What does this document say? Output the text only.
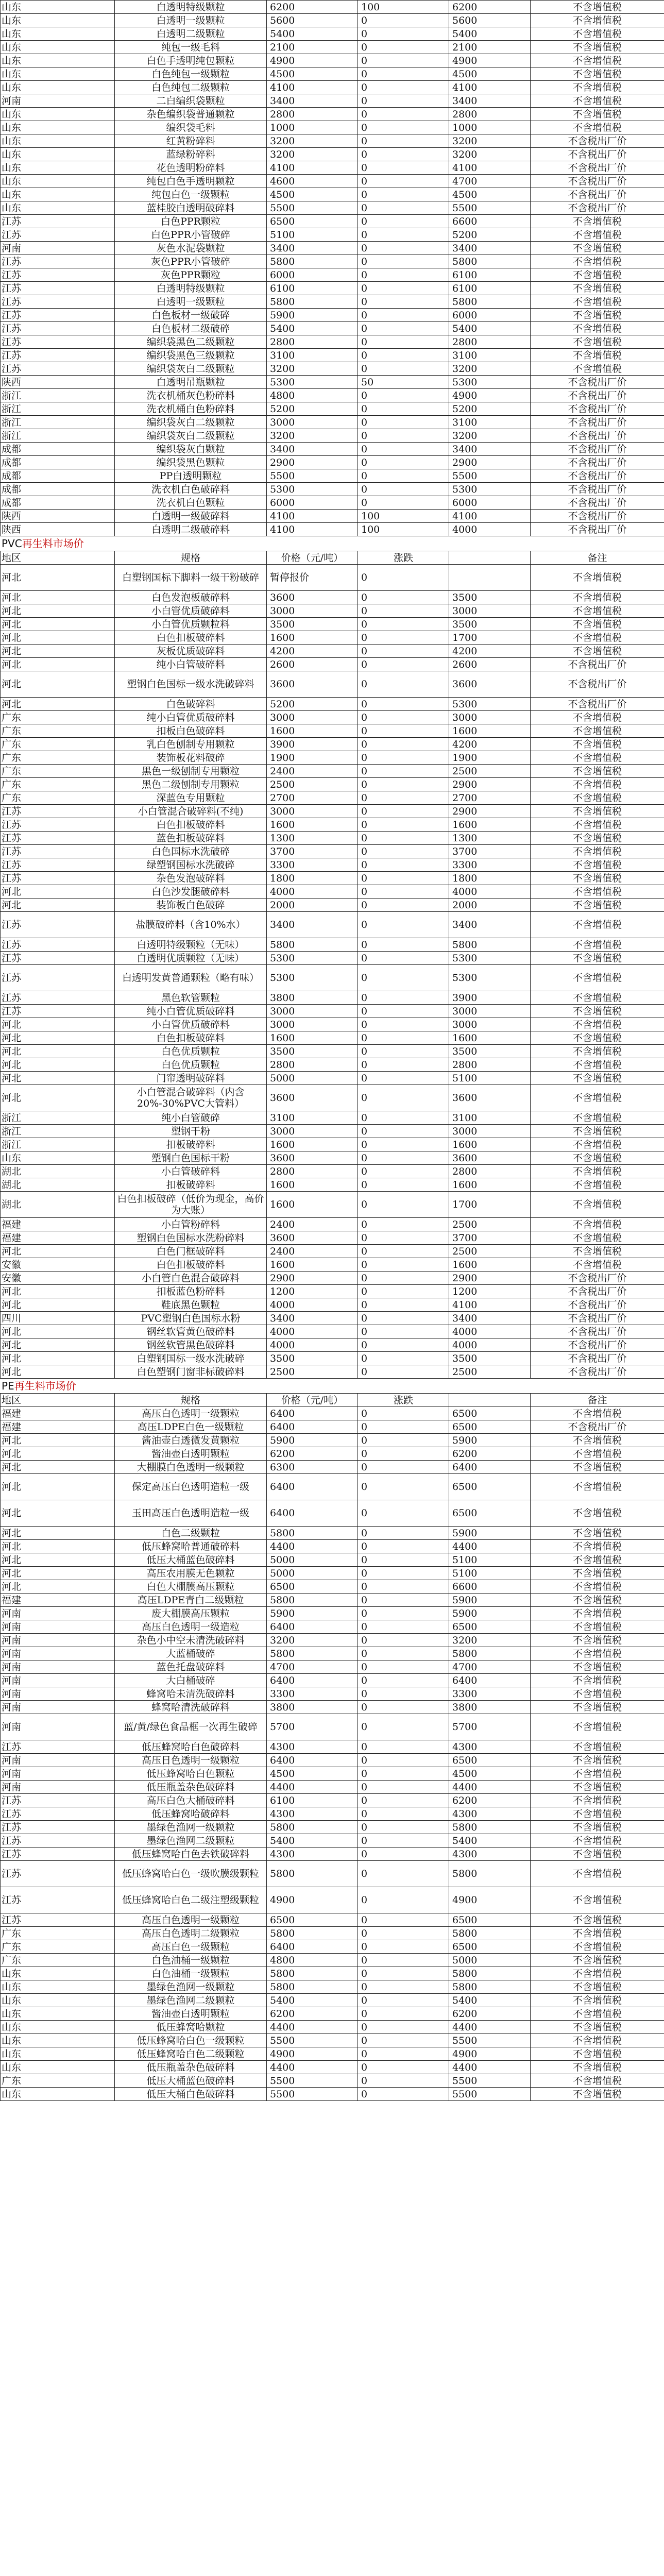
山东	白透明特级颗粒	6200	100	6200	不含增值税
山东	白透明一级颗粒	5600	0	5600	不含增值税
山东	白透明二级颗粒	5400	0	5400	不含增值税
山东	纯包一级毛料	2100	0	2100	不含增值税
山东	白色手透明纯包颗粒	4900	0	4900	不含增值税
山东	白色纯包一级颗粒	4500	0	4500	不含增值税
山东	白色纯包二级颗粒	4100	0	4100	不含增值税
河南	二白编织袋颗粒	3400	0	3400	不含增值税
山东	杂色编织袋普通颗粒	2800	0	2800	不含增值税
山东	编织袋毛料	1000	0	1000	不含增值税
山东	红黄粉碎料	3200	0	3200	不含税出厂价
山东	蓝绿粉碎料	3200	0	3200	不含税出厂价
山东	花色透明粉碎料	4100	0	4100	不含税出厂价
山东	纯包白色手透明颗粒	4600	0	4700	不含税出厂价
山东	纯包白色一级颗粒	4500	0	4500	不含税出厂价
山东	蓝桂胶白透明破碎料	5500	0	5500	不含税出厂价
江苏	白色PPR颗粒	6500	0	6600	不含增值税
江苏	白色PPR小管破碎	5100	0	5200	不含增值税
河南	灰色水泥袋颗粒	3400	0	3400	不含增值税
江苏	灰色PPR小管破碎	5800	0	5800	不含增值税
江苏	灰色PPR颗粒	6000	0	6100	不含增值税
江苏	白透明特级颗粒	6100	0	6100	不含增值税
江苏	白透明一级颗粒	5800	0	5800	不含增值税
江苏	白色板材一级破碎	5900	0	6000	不含增值税
江苏	白色板材二级破碎	5400	0	5400	不含增值税
江苏	编织袋黑色二级颗粒	2800	0	2800	不含增值税
江苏	编织袋黑色三级颗粒	3100	0	3100	不含增值税
江苏	编织袋灰白二级颗粒	3200	0	3200	不含增值税
陕西	白透明吊瓶颗粒	5300	50	5300	不含税出厂价
浙江	洗衣机桶灰色粉碎料	4800	0	4900	不含税出厂价
浙江	洗衣机桶白色粉碎料	5200	0	5200	不含税出厂价
浙江	编织袋灰白二级颗粒	3000	0	3100	不含税出厂价
浙江	编织袋灰白二级颗粒	3200	0	3200	不含税出厂价
成都	编织袋灰白颗粒	3400	0	3400	不含税出厂价
成都	编织袋黑色颗粒	2900	0	2900	不含税出厂价
成都	PP白透明颗粒	5500	0	5500	不含税出厂价
成都	洗衣机白色破碎料	5300	0	5300	不含税出厂价
成都	洗衣机白色颗粒	6000	0	6000	不含税出厂价
陕西	白透明一级破碎料	4100	100	4100	不含税出厂价
陕西	白透明二级破碎料	4100	100	4000	不含税出厂价
PVC再生料市场价
地区	规格	价格（元/吨）	涨跌		备注
河北	白塑钢国标下脚料一级干粉破碎	暂停报价	0		不含增值税
河北	白色发泡板破碎料	3600	0	3500	不含增值税
河北	小白管优质破碎料	3000	0	3000	不含增值税
河北	小白管优质颗粒料	3500	0	3500	不含增值税
河北	白色扣板破碎料	1600	0	1700	不含增值税
河北	灰板优质破碎料	4200	0	4200	不含增值税
河北	纯小白管破碎料	2600	0	2600	不含税出厂价
河北	塑钢白色国标一级水洗破碎料	3600	0	3600	不含税出厂价
河北	白色破碎料	5200	0	5300	不含税出厂价
广东	纯小白管优质破碎料	3000	0	3000	不含增值税
广东	扣板白色破碎料	1600	0	1600	不含增值税
广东	乳白色刨制专用颗粒	3900	0	4200	不含增值税
广东	装饰板花料破碎	1900	0	1900	不含增值税
广东	黑色一级刨制专用颗粒	2400	0	2500	不含增值税
广东	黑色二级刨制专用颗粒	2500	0	2900	不含增值税
广东	深蓝色专用颗粒	2700	0	2700	不含增值税
江苏	小白管混合破碎料(不纯)	3000	0	2900	不含增值税
江苏	白色扣板破碎料	1600	0	1600	不含增值税
江苏	蓝色扣板破碎料	1300	0	1300	不含增值税
江苏	白色国标水洗破碎	3700	0	3700	不含增值税
江苏	绿塑钢国标水洗破碎	3300	0	3300	不含增值税
江苏	杂色发泡破碎料	1800	0	1800	不含增值税
河北	白色沙发腿破碎料	4000	0	4000	不含增值税
河北	装饰板白色破碎	2000	0	2000	不含增值税
江苏	盐膜破碎料（含10%水）	3400	0	3400	不含增值税
江苏	白透明特级颗粒（无味）	5800	0	5800	不含增值税
江苏	白透明优质颗粒（无味）	5300	0	5300	不含增值税
江苏	白透明发黄普通颗粒（略有味）	5300	0	5300	不含增值税
江苏	黑色软管颗粒	3800	0	3900	不含增值税
江苏	纯小白管优质破碎料	3000	0	3000	不含增值税
河北	小白管优质破碎料	3000	0	3000	不含增值税
河北	白色扣板破碎料	1600	0	1600	不含增值税
河北	白色优质颗粒	3500	0	3500	不含增值税
河北	白色优质颗粒	2800	0	2800	不含增值税
河北	门帘透明破碎料	5000	0	5100	不含增值税
河北	小白管混合破碎料（内含20%-30%PVC大管料）	3600	0	3600	不含增值税
浙江	纯小白管破碎	3100	0	3100	不含增值税
浙江	塑钢干粉	3000	0	3000	不含增值税
浙江	扣板破碎料	1600	0	1600	不含增值税
山东	塑钢白色国标干粉	3600	0	3600	不含增值税
湖北	小白管破碎料	2800	0	2800	不含增值税
湖北	扣板破碎料	1600	0	1600	不含增值税
湖北	白色扣板破碎（低价为现金，高价为大账）	1600	0	1700	不含增值税
福建	小白管粉碎料	2400	0	2500	不含增值税
福建	塑钢白色国标水洗粉碎料	3600	0	3700	不含增值税
河北	白色门框破碎料	2400	0	2500	不含增值税
安徽	白色扣板破碎料	1600	0	1600	不含增值税
安徽	小白管白色混合破碎料	2900	0	2900	不含税出厂价
河北	扣板蓝色粉碎料	1200	0	1200	不含税出厂价
河北	鞋底黑色颗粒	4000	0	4100	不含税出厂价
四川	PVC塑钢白色国标水粉	3400	0	3400	不含税出厂价
河北	钢丝软管黄色破碎料	4000	0	4000	不含税出厂价
河北	钢丝软管黑色破碎料	4000	0	4000	不含税出厂价
河北	白塑钢国标一级水洗破碎	3500	0	3500	不含税出厂价
河北	白色塑钢门窗非标破碎料	2500	0	2500	不含税出厂价
PE再生料市场价
地区	规格	价格（元/吨）	涨跌		备注
福建	高压白色透明一级颗粒	6400	0	6500	不含增值税
福建	高压LDPE白色一级颗粒	6400	0	6500	不含税出厂价
河北	酱油壶白透微发黄颗粒	5900	0	5900	不含增值税
河北	酱油壶白透明颗粒	6200	0	6200	不含增值税
河北	大棚膜白色透明一级颗粒	6300	0	6400	不含增值税
河北	保定高压白色透明造粒一级	6400	0	6500	不含增值税
河北	玉田高压白色透明造粒一级	6400	0	6500	不含增值税
河北	白色二级颗粒	5800	0	5900	不含增值税
河北	低压蜂窝哈普通破碎料	4400	0	4400	不含增值税
河北	低压大桶蓝色破碎料	5000	0	5100	不含增值税
河北	高压农用膜无色颗粒	5000	0	5100	不含增值税
河北	白色大棚膜高压颗粒	6500	0	6600	不含增值税
福建	高压LDPE青白二级颗粒	5800	0	5900	不含增值税
河南	废大棚膜高压颗粒	5900	0	5900	不含增值税
河南	高压白色透明一级造粒	6400	0	6500	不含增值税
河南	杂色小中空未清洗破碎料	3200	0	3200	不含增值税
河南	大蓝桶破碎	5800	0	5800	不含增值税
河南	蓝色托盘破碎料	4700	0	4700	不含增值税
河南	大白桶破碎	6400	0	6400	不含增值税
河南	蜂窝哈未清洗破碎料	3300	0	3300	不含增值税
河南	蜂窝哈清洗破碎料	3800	0	3800	不含增值税
河南	蓝/黄/绿色食品框一次再生破碎	5700	0	5700	不含增值税
江苏	低压蜂窝哈白色破碎料	4300	0	4300	不含增值税
河南	高压日色透明一级颗粒	6400	0	6500	不含增值税
河南	低压蜂窝哈白色颗粒	4500	0	4500	不含增值税
河南	低压瓶盖杂色破碎料	4400	0	4400	不含增值税
江苏	高压白色大桶破碎料	6100	0	6200	不含增值税
江苏	低压蜂窝哈破碎料	4300	0	4300	不含增值税
江苏	墨绿色渔网一级颗粒	5800	0	5800	不含增值税
江苏	墨绿色渔网二级颗粒	5400	0	5400	不含增值税
江苏	低压蜂窝哈白色去铁破碎料	4300	0	4300	不含增值税
江苏	低压蜂窝哈白色一级吹膜级颗粒	5800	0	5800	不含增值税
江苏	低压蜂窝哈白色二级注塑级颗粒	4900	0	4900	不含增值税
江苏	高压白色透明一级颗粒	6500	0	6500	不含增值税
广东	高压白色透明二级颗粒	5800	0	5800	不含增值税
广东	高压白色一级颗粒	6400	0	6500	不含增值税
广东	白色油桶一级颗粒	4800	0	5000	不含增值税
山东	白色油桶一级颗粒	5800	0	5800	不含增值税
山东	墨绿色渔网一级颗粒	5800	0	5800	不含增值税
山东	墨绿色渔网二级颗粒	5400	0	5400	不含增值税
山东	酱油壶白透明颗粒	6200	0	6200	不含增值税
山东	低压蜂窝哈颗粒	4400	0	4400	不含增值税
山东	低压蜂窝哈白色一级颗粒	5500	0	5500	不含增值税
山东	低压蜂窝哈白色二级颗粒	4900	0	4900	不含增值税
山东	低压瓶盖杂色破碎料	4400	0	4400	不含增值税
广东	低压大桶蓝色破碎料	5500	0	5500	不含增值税
山东	低压大桶白色破碎料	5500	0	5500	不含增值税
